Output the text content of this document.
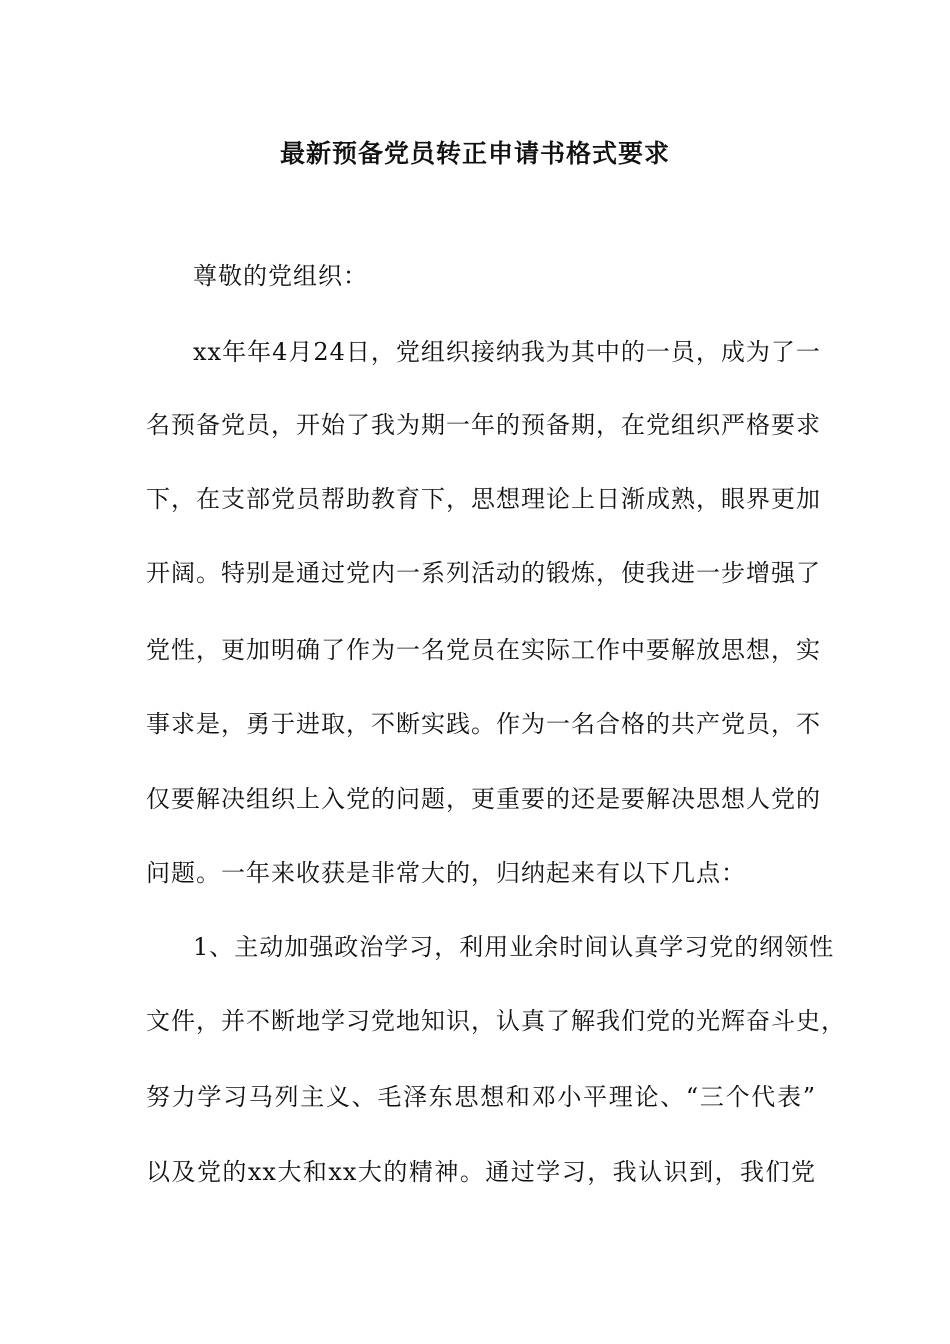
最新预备党员转正申请书格式要求
尊敬的党组织：
xx年年4月24日，党组织接纳我为其中的一员，成为了一
名预备党员，开始了我为期一年的预备期，在党组织严格要求
下，在支部党员帮助教育下，思想理论上日渐成熟，眼界更加
开阔。特别是通过党内一系列活动的锻炼，使我进一步增强了
党性，更加明确了作为一名党员在实际工作中要解放思想，实
事求是，勇于进取，不断实践。作为一名合格的共产党员，不
仅要解决组织上入党的问题，更重要的还是要解决思想人党的
问题。一年来收获是非常大的，归纳起来有以下几点：
1、主动加强政治学习，利用业余时间认真学习党的纲领性
文件，并不断地学习党地知识，认真了解我们党的光辉奋斗史，
努力学习马列主义、毛泽东思想和邓小平理论、“三个代表”
以及党的xx大和xx大的精神。通过学习，我认识到，我们党
